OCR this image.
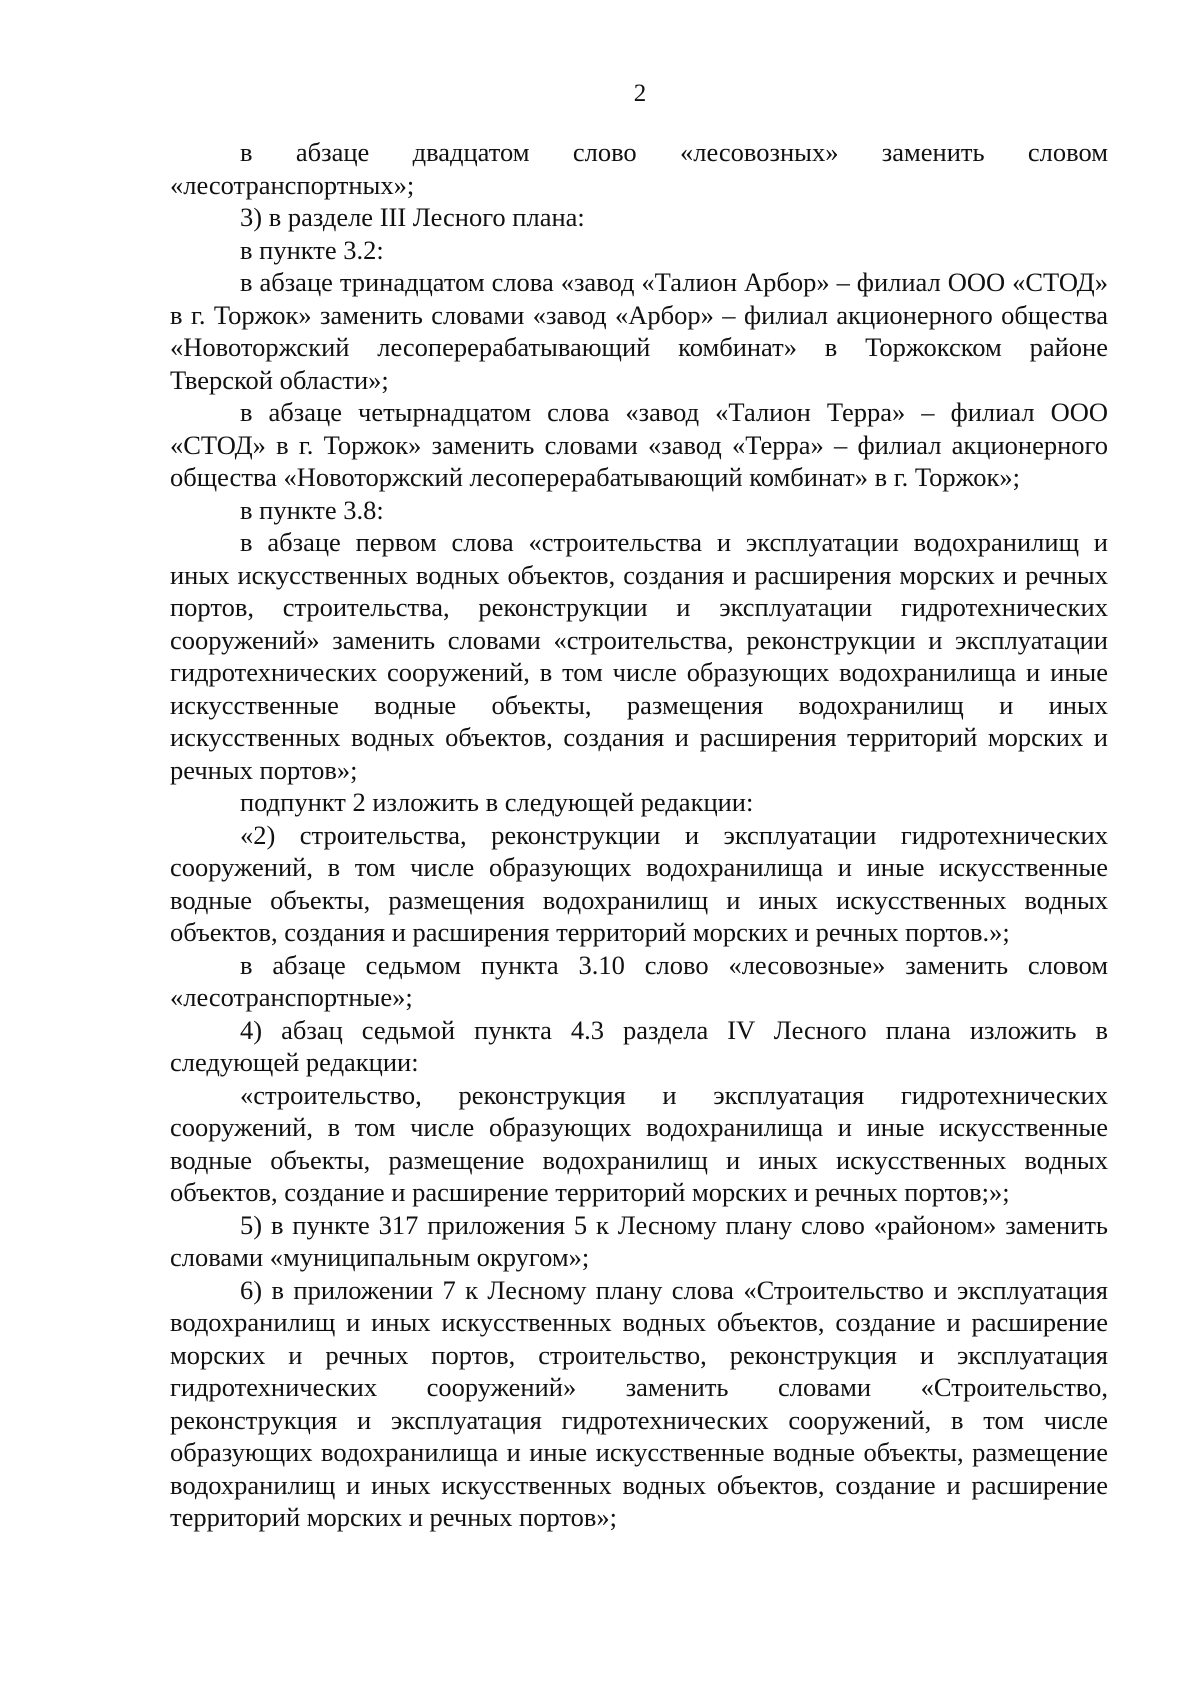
2

в абзаце двадцатом слово «лесовозных» заменить словом «лесотранспортных»;

3) в разделе III Лесного плана:

в пункте 3.2:

в абзаце тринадцатом слова «завод «Талион Арбор» – филиал ООО «СТОД» в г. Торжок» заменить словами «завод «Арбор» – филиал акционерного общества «Новоторжский лесоперерабатывающий комбинат» в Торжокском районе Тверской области»;

в абзаце четырнадцатом слова «завод «Талион Терра» – филиал ООО «СТОД» в г. Торжок» заменить словами «завод «Терра» – филиал акционерного общества «Новоторжский лесоперерабатывающий комбинат» в г. Торжок»;

в пункте 3.8:

в абзаце первом слова «строительства и эксплуатации водохранилищ и иных искусственных водных объектов, создания и расширения морских и речных портов, строительства, реконструкции и эксплуатации гидротехнических сооружений» заменить словами «строительства, реконструкции и эксплуатации гидротехнических сооружений, в том числе образующих водохранилища и иные искусственные водные объекты, размещения водохранилищ и иных искусственных водных объектов, создания и расширения территорий морских и речных портов»;

подпункт 2 изложить в следующей редакции:

«2) строительства, реконструкции и эксплуатации гидротехнических сооружений, в том числе образующих водохранилища и иные искусственные водные объекты, размещения водохранилищ и иных искусственных водных объектов, создания и расширения территорий морских и речных портов.»;

в абзаце седьмом пункта 3.10 слово «лесовозные» заменить словом «лесотранспортные»;

4) абзац седьмой пункта 4.3 раздела IV Лесного плана изложить в следующей редакции:

«строительство, реконструкция и эксплуатация гидротехнических сооружений, в том числе образующих водохранилища и иные искусственные водные объекты, размещение водохранилищ и иных искусственных водных объектов, создание и расширение территорий морских и речных портов;»;

5) в пункте 317 приложения 5 к Лесному плану слово «районом» заменить словами «муниципальным округом»;

6) в приложении 7 к Лесному плану слова «Строительство и эксплуатация водохранилищ и иных искусственных водных объектов, создание и расширение морских и речных портов, строительство, реконструкция и эксплуатация гидротехнических сооружений» заменить словами «Строительство, реконструкция и эксплуатация гидротехнических сооружений, в том числе образующих водохранилища и иные искусственные водные объекты, размещение водохранилищ и иных искусственных водных объектов, создание и расширение территорий морских и речных портов»;
